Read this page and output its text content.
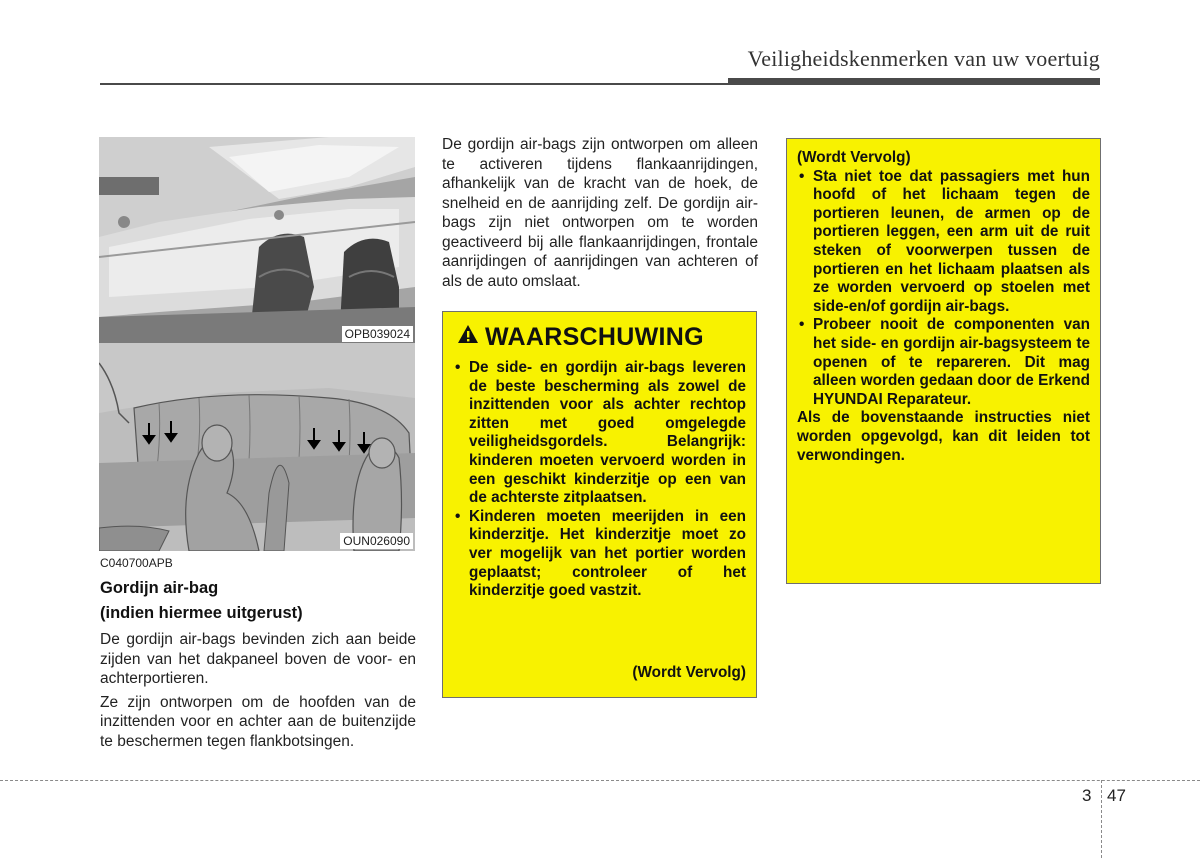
Veiligheidskenmerken van uw voertuig
OPB039024
OUN026090
C040700APB
Gordijn air-bag
(indien hiermee uitgerust)
De gordijn air-bags bevinden zich aan beide zijden van het dakpaneel boven de voor- en achterportieren.
Ze zijn ontworpen om de hoofden van de inzittenden voor en achter aan de buitenzijde te beschermen tegen flankbotsingen.
De gordijn air-bags zijn ontworpen om alleen te activeren tijdens flankaanrijdingen, afhankelijk van de kracht van de hoek, de snelheid en de aanrijding zelf. De gordijn air-bags zijn niet ontworpen om te worden geactiveerd bij alle flankaanrijdingen, frontale aanrijdingen of aanrijdingen van achteren of als de auto omslaat.
WAARSCHUWING
• De side- en gordijn air-bags leveren de beste bescherming als zowel de inzittenden voor als achter rechtop zitten met goed omgelegde veiligheidsgordels. Belangrijk: kinderen moeten vervoerd worden in een geschikt kinderzitje op een van de achterste zitplaatsen.
• Kinderen moeten meerijden in een kinderzitje. Het kinderzitje moet zo ver mogelijk van het portier worden geplaatst; controleer of het kinderzitje goed vastzit.
(Wordt Vervolg)
(Wordt Vervolg)
• Sta niet toe dat passagiers met hun hoofd of het lichaam tegen de portieren leunen, de armen op de portieren leggen, een arm uit de ruit steken of voorwerpen tussen de portieren en het lichaam plaatsen als ze worden vervoerd op stoelen met side-en/of gordijn air-bags.
• Probeer nooit de componenten van het side- en gordijn air-bagsysteem te openen of te repareren. Dit mag alleen worden gedaan door de Erkend HYUNDAI Reparateur.
Als de bovenstaande instructies niet worden opgevolgd, kan dit leiden tot verwondingen.
3 47
